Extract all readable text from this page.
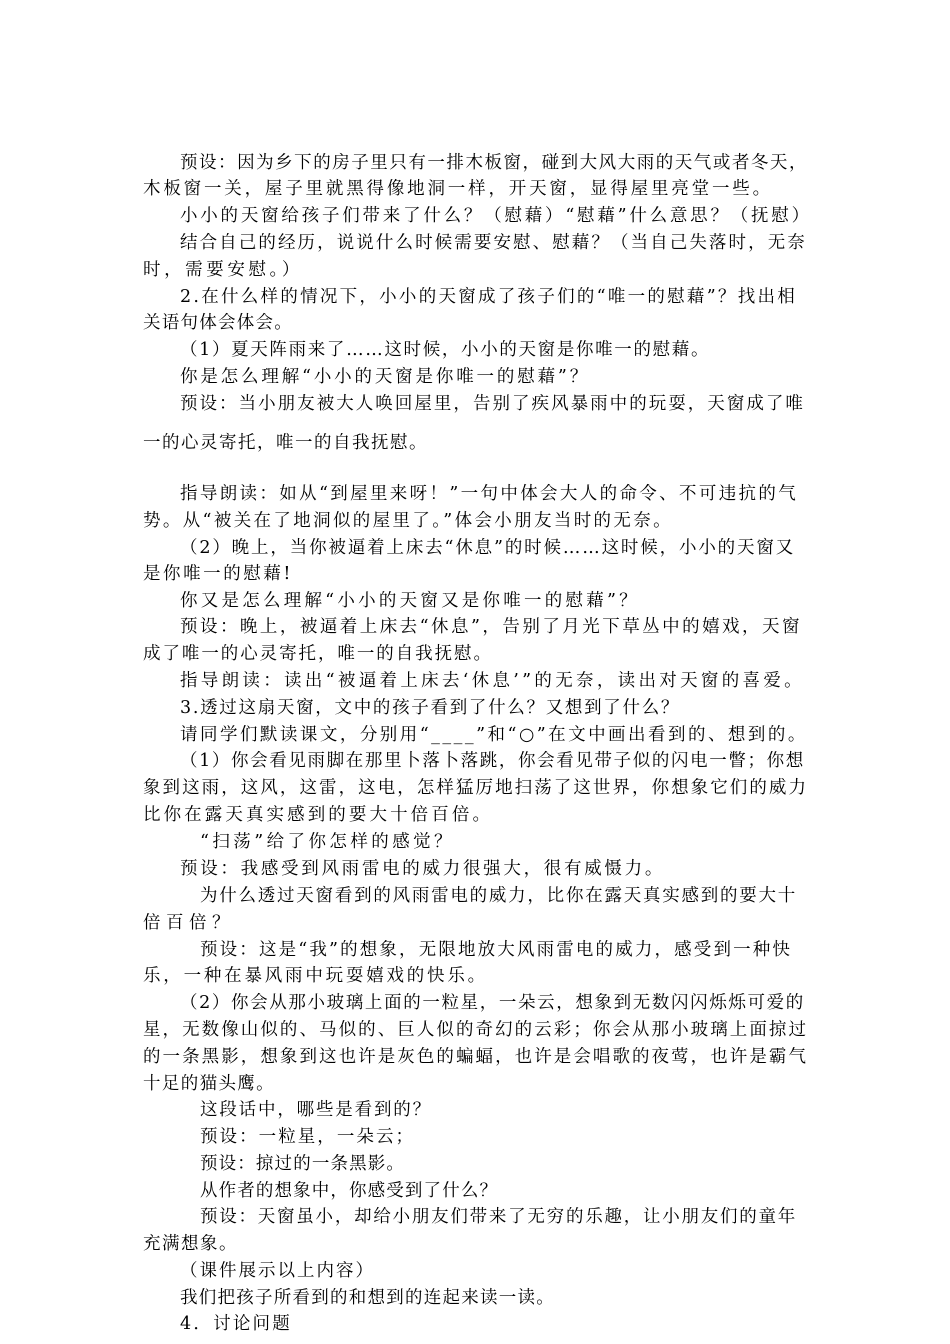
预设：因为乡下的房子里只有一排木板窗，碰到大风大雨的天气或者冬天，
木板窗一关，屋子里就黑得像地洞一样，开天窗，显得屋里亮堂一些。
小小的天窗给孩子们带来了什么？（慰藉）“慰藉”什么意思？（抚慰）
结合自己的经历，说说什么时候需要安慰、慰藉？（当自己失落时，无奈
时，需要安慰。）
2.在什么样的情况下，小小的天窗成了孩子们的“唯一的慰藉”？找出相
关语句体会体会。
（1）夏天阵雨来了……这时候，小小的天窗是你唯一的慰藉。
你是怎么理解“小小的天窗是你唯一的慰藉”？
预设：当小朋友被大人唤回屋里，告别了疾风暴雨中的玩耍，天窗成了唯
一的心灵寄托，唯一的自我抚慰。
指导朗读：如从“到屋里来呀！”一句中体会大人的命令、不可违抗的气
势。从“被关在了地洞似的屋里了。”体会小朋友当时的无奈。
（2）晚上，当你被逼着上床去“休息”的时候……这时候，小小的天窗又
是你唯一的慰藉!
你又是怎么理解“小小的天窗又是你唯一的慰藉”？
预设：晚上，被逼着上床去“休息”，告别了月光下草丛中的嬉戏，天窗
成了唯一的心灵寄托，唯一的自我抚慰。
指导朗读：读出“被逼着上床去‘休息’”的无奈，读出对天窗的喜爱。
3.透过这扇天窗，文中的孩子看到了什么？又想到了什么？
请同学们默读课文，分别用“____”和“○”在文中画出看到的、想到的。
（1）你会看见雨脚在那里卜落卜落跳，你会看见带子似的闪电一瞥；你想
象到这雨，这风，这雷，这电，怎样猛厉地扫荡了这世界，你想象它们的威力
比你在露天真实感到的要大十倍百倍。
“扫荡”给了你怎样的感觉？
预设：我感受到风雨雷电的威力很强大，很有威慑力。
为什么透过天窗看到的风雨雷电的威力，比你在露天真实感到的要大十
倍百倍？
预设：这是“我”的想象，无限地放大风雨雷电的威力，感受到一种快
乐，一种在暴风雨中玩耍嬉戏的快乐。
（2）你会从那小玻璃上面的一粒星，一朵云，想象到无数闪闪烁烁可爱的
星，无数像山似的、马似的、巨人似的奇幻的云彩；你会从那小玻璃上面掠过
的一条黑影，想象到这也许是灰色的蝙蝠，也许是会唱歌的夜莺，也许是霸气
十足的猫头鹰。
这段话中，哪些是看到的？
预设：一粒星，一朵云；
预设：掠过的一条黑影。
从作者的想象中，你感受到了什么？
预设：天窗虽小，却给小朋友们带来了无穷的乐趣，让小朋友们的童年
充满想象。
（课件展示以上内容）
我们把孩子所看到的和想到的连起来读一读。
4．讨论问题
